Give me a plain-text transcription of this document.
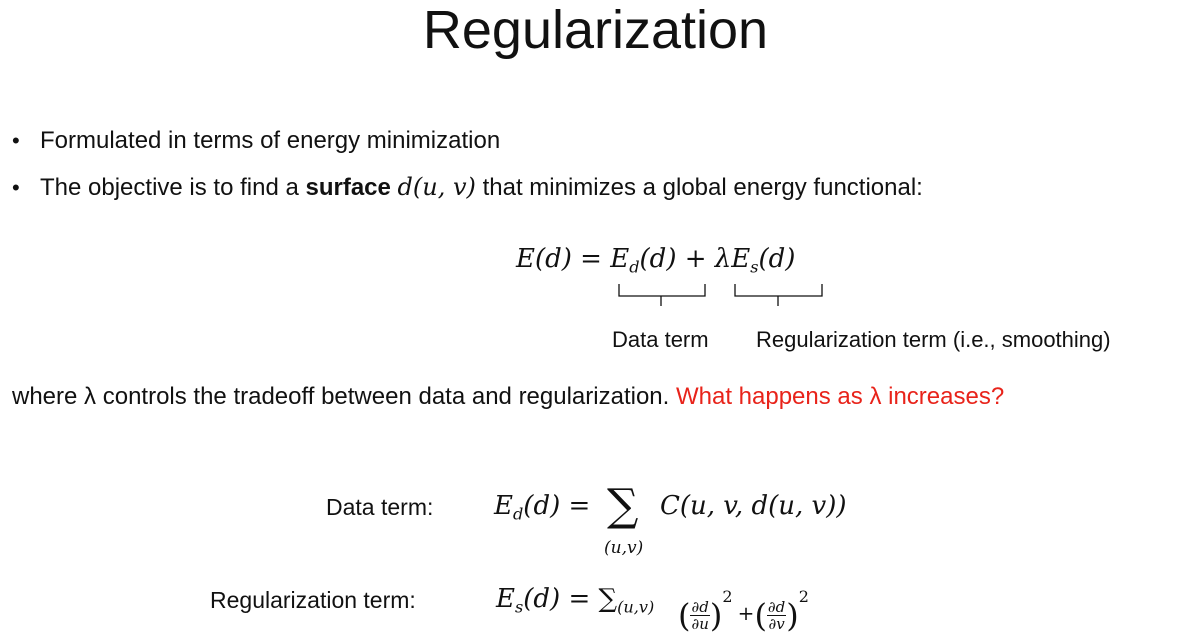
Regularization
• Formulated in terms of energy minimization
• The objective is to find a surface d(u, v) that minimizes a global energy functional:
$E(d) = E_d(d) + \lambda E_s(d)$
Data term Regularization term (i.e., smoothing)
where λ controls the tradeoff between data and regularization. What happens as λ increases?
Data term: $E_d(d)$ = ∑
(u,v)
C(u, v, d(u, v))
Regularization term:	$E_s(d) = \sum_{(u,v)}$ ( $\frac{\partial d}{\partial u} )2$ +( $\frac{\partial d}{\partial v} )2$
